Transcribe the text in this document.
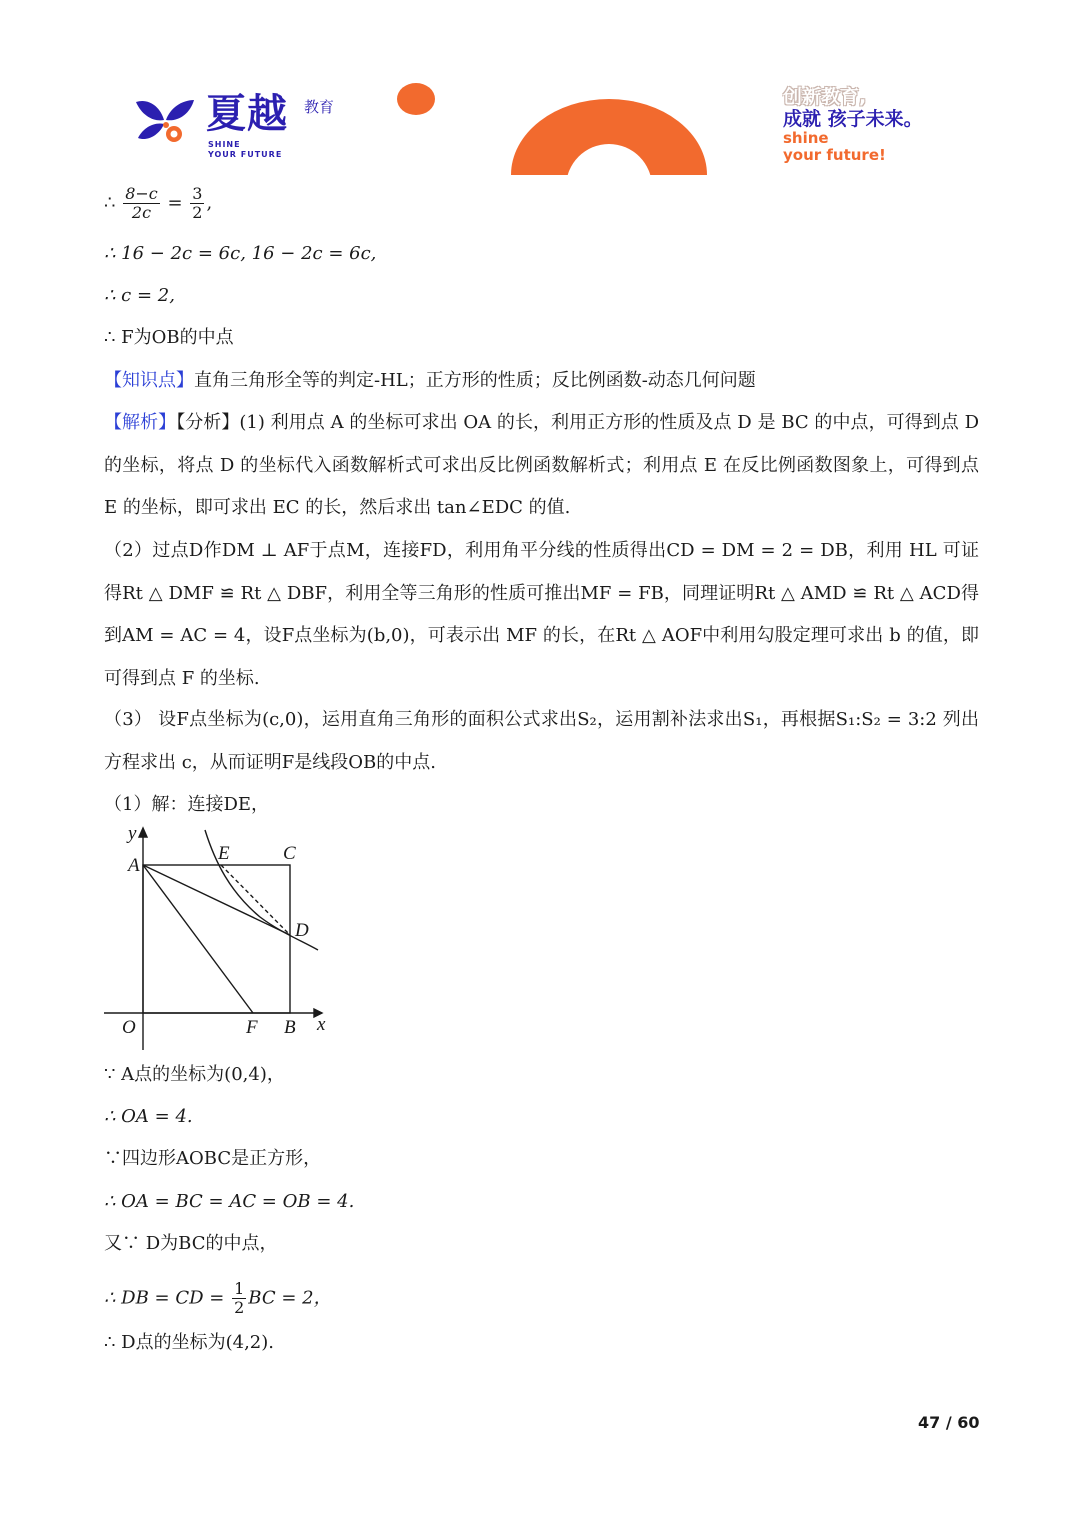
夏越 教育
SHINE
YOUR FUTURE
创新教育,
成就 孩子未来。
shine
your future!
∴ $\frac{8-c}{2c} = \frac{3}{2}$ ,
∴ 16 − 2c = 6c, 16 − 2c = 6c,
∴ c = 2,
∴ F为OB的中点
【知识点】直角三角形全等的判定-HL；正方形的性质；反比例函数-动态几何问题
【解析】【分析】(1) 利用点 A 的坐标可求出 OA 的长，利用正方形的性质及点 D 是 BC 的中点，可得到点 D 的坐标，将点 D 的坐标代入函数解析式可求出反比例函数解析式；利用点 E 在反比例函数图象上，可得到点 E 的坐标，即可求出 EC 的长，然后求出 tan∠EDC 的值.
（2）过点D作DM ⊥ AF于点M，连接FD，利用角平分线的性质得出CD = DM = 2 = DB，利用 HL 可证得Rt △ DMF ≌ Rt △ DBF，利用全等三角形的性质可推出MF = FB，同理证明Rt △ AMD ≌ Rt △ ACD得到AM = AC = 4，设F点坐标为(b,0)，可表示出 MF 的长，在Rt △ AOF中利用勾股定理可求出 b 的值，即可得到点 F 的坐标.
（3） 设F点坐标为(c,0)，运用直角三角形的面积公式求出S₂，运用割补法求出S₁，再根据S₁:S₂ = 3:2 列出方程求出 c，从而证明F是线段OB的中点.
（1）解：连接DE，
y
A
E	C
D
O	F B x
∵ A点的坐标为(0,4)，
∴ OA = 4.
∵四边形AOBC是正方形，
∴ OA = BC = AC = OB = 4.
又∵ D为BC的中点，
∴ DB = CD = $\frac{1}{2}$ BC = 2，
∴ D点的坐标为(4,2).
47 / 60
